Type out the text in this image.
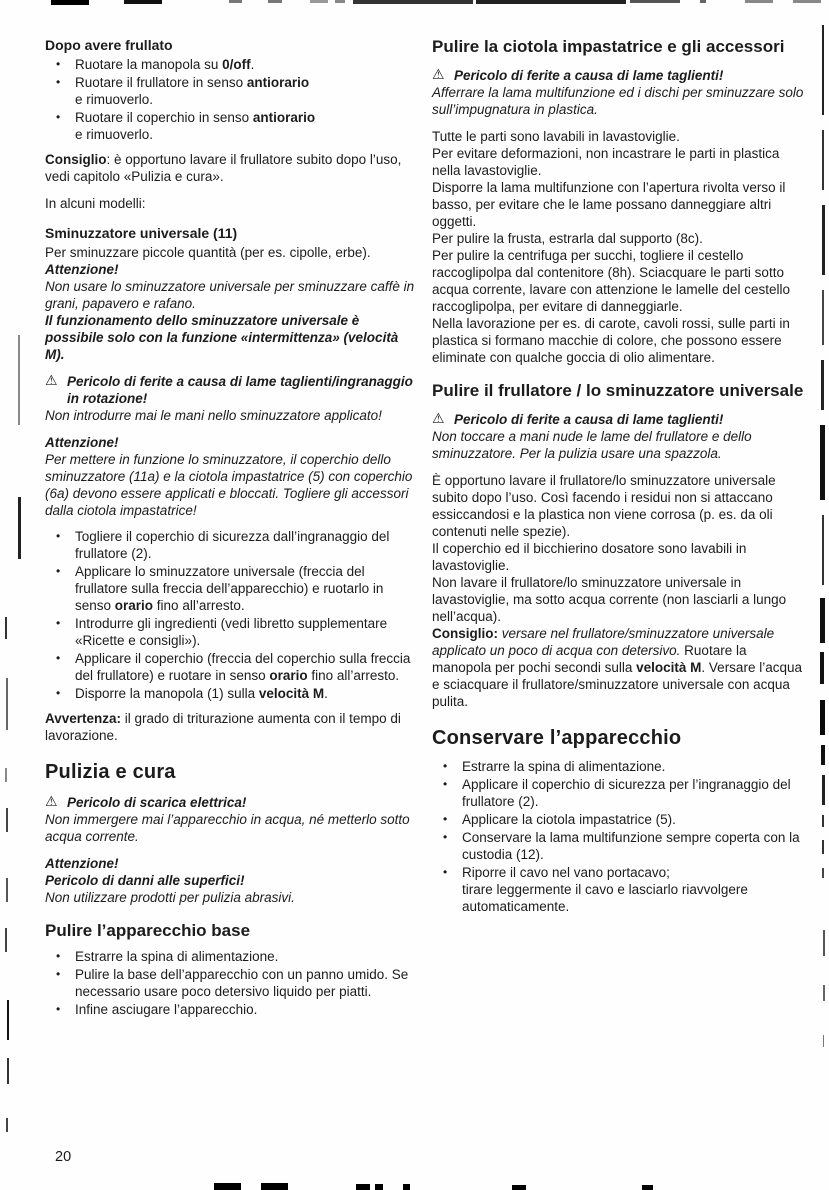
Dopo avere frullato
• Ruotare la manopola su 0/off.
• Ruotare il frullatore in senso antiorario
e rimuoverlo.
• Ruotare il coperchio in senso antiorario
e rimuoverlo.

Consiglio: è opportuno lavare il frullatore subito dopo l’uso, vedi capitolo «Pulizia e cura».

In alcuni modelli:

Sminuzzatore universale (11)

Per sminuzzare piccole quantità (per es. cipolle, erbe).

Attenzione!

Non usare lo sminuzzatore universale per sminuzzare caffè in grani, papavero e rafano.

Il funzionamento dello sminuzzatore universale è possibile solo con la funzione «intermittenza» (velocità M).

⚠ Pericolo di ferite a causa di lame taglienti/ingranaggio in rotazione!
Non introdurre mai le mani nello sminuzzatore applicato!

Attenzione!

Per mettere in funzione lo sminuzzatore, il coperchio dello sminuzzatore (11a) e la ciotola impastatrice (5) con coperchio (6a) devono essere applicati e bloccati. Togliere gli accessori dalla ciotola impastatrice!

• Togliere il coperchio di sicurezza dall’ingranaggio del frullatore (2).
• Applicare lo sminuzzatore universale (freccia del frullatore sulla freccia dell’apparecchio) e ruotarlo in senso orario fino all’arresto.
• Introdurre gli ingredienti (vedi libretto supplementare «Ricette e consigli»).
• Applicare il coperchio (freccia del coperchio sulla freccia del frullatore) e ruotare in senso orario fino all’arresto.
• Disporre la manopola (1) sulla velocità M.

Avvertenza: il grado di triturazione aumenta con il tempo di lavorazione.

Pulizia e cura
⚠ Pericolo di scarica elettrica!
Non immergere mai l’apparecchio in acqua, né metterlo sotto acqua corrente.

Attenzione!
Pericolo di danni alle superfici!
Non utilizzare prodotti per pulizia abrasivi.

Pulire l’apparecchio base
• Estrarre la spina di alimentazione.
• Pulire la base dell’apparecchio con un panno umido. Se necessario usare poco detersivo liquido per piatti.
• Infine asciugare l’apparecchio.
Pulire la ciotola impastatrice e gli accessori
⚠ Pericolo di ferite a causa di lame taglienti!
Afferrare la lama multifunzione ed i dischi per sminuzzare solo sull’impugnatura in plastica.

Tutte le parti sono lavabili in lavastoviglie.
Per evitare deformazioni, non incastrare le parti in plastica nella lavastoviglie.
Disporre la lama multifunzione con l’apertura rivolta verso il basso, per evitare che le lame possano danneggiare altri oggetti.
Per pulire la frusta, estrarla dal supporto (8c).
Per pulire la centrifuga per succhi, togliere il cestello raccoglipolpa dal contenitore (8h). Sciacquare le parti sotto acqua corrente, lavare con attenzione le lamelle del cestello raccoglipolpa, per evitare di danneggiarle.
Nella lavorazione per es. di carote, cavoli rossi, sulle parti in plastica si formano macchie di colore, che possono essere eliminate con qualche goccia di olio alimentare.

Pulire il frullatore / lo sminuzzatore universale
⚠ Pericolo di ferite a causa di lame taglienti!
Non toccare a mani nude le lame del frullatore e dello sminuzzatore. Per la pulizia usare una spazzola.

È opportuno lavare il frullatore/lo sminuzzatore universale subito dopo l’uso. Così facendo i residui non si attaccano essiccandosi e la plastica non viene corrosa (p. es. da oli contenuti nelle spezie).
Il coperchio ed il bicchierino dosatore sono lavabili in lavastoviglie.
Non lavare il frullatore/lo sminuzzatore universale in lavastoviglie, ma sotto acqua corrente (non lasciarli a lungo nell’acqua).
Consiglio: versare nel frullatore/sminuzzatore universale applicato un poco di acqua con detersivo. Ruotare la manopola per pochi secondi sulla velocità M. Versare l’acqua e sciacquare il frullatore/sminuzzatore universale con acqua pulita.

Conservare l’apparecchio
• Estrarre la spina di alimentazione.
• Applicare il coperchio di sicurezza per l’ingranaggio del frullatore (2).
• Applicare la ciotola impastatrice (5).
• Conservare la lama multifunzione sempre coperta con la custodia (12).
• Riporre il cavo nel vano portacavo;
tirare leggermente il cavo e lasciarlo riavvolgere automaticamente.
20
